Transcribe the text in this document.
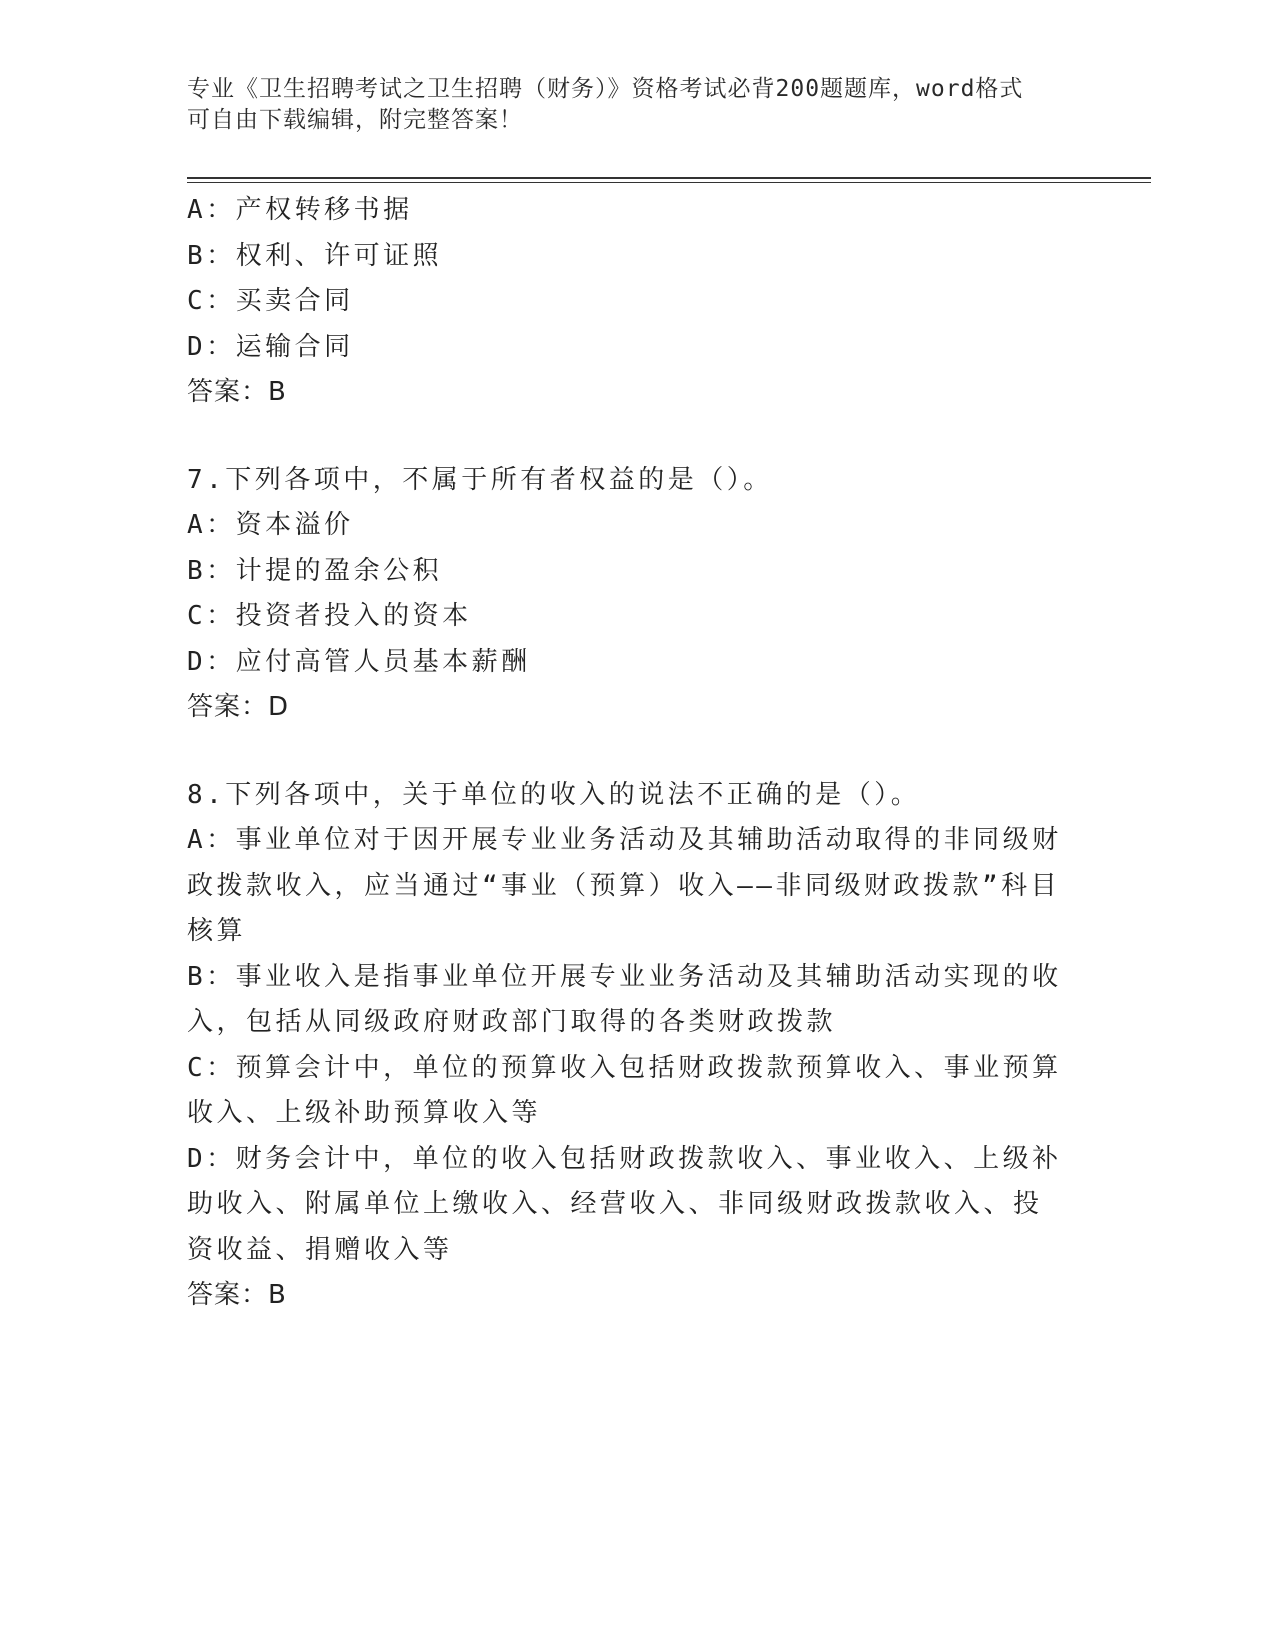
专业《卫生招聘考试之卫生招聘（财务）》资格考试必背200题题库，word格式

可自由下载编辑，附完整答案！

A：产权转移书据

B：权利、许可证照

C：买卖合同

D：运输合同

答案：B

7.下列各项中，不属于所有者权益的是（）。

A：资本溢价

B：计提的盈余公积

C：投资者投入的资本

D：应付高管人员基本薪酬

答案：D

8.下列各项中，关于单位的收入的说法不正确的是（）。

A：事业单位对于因开展专业业务活动及其辅助活动取得的非同级财政拨款收入，应当通过“事业（预算）收入——非同级财政拨款”科目核算

B：事业收入是指事业单位开展专业业务活动及其辅助活动实现的收入，包括从同级政府财政部门取得的各类财政拨款

C：预算会计中，单位的预算收入包括财政拨款预算收入、事业预算收入、上级补助预算收入等

D：财务会计中，单位的收入包括财政拨款收入、事业收入、上级补助收入、附属单位上缴收入、经营收入、非同级财政拨款收入、投资收益、捐赠收入等

答案：B
